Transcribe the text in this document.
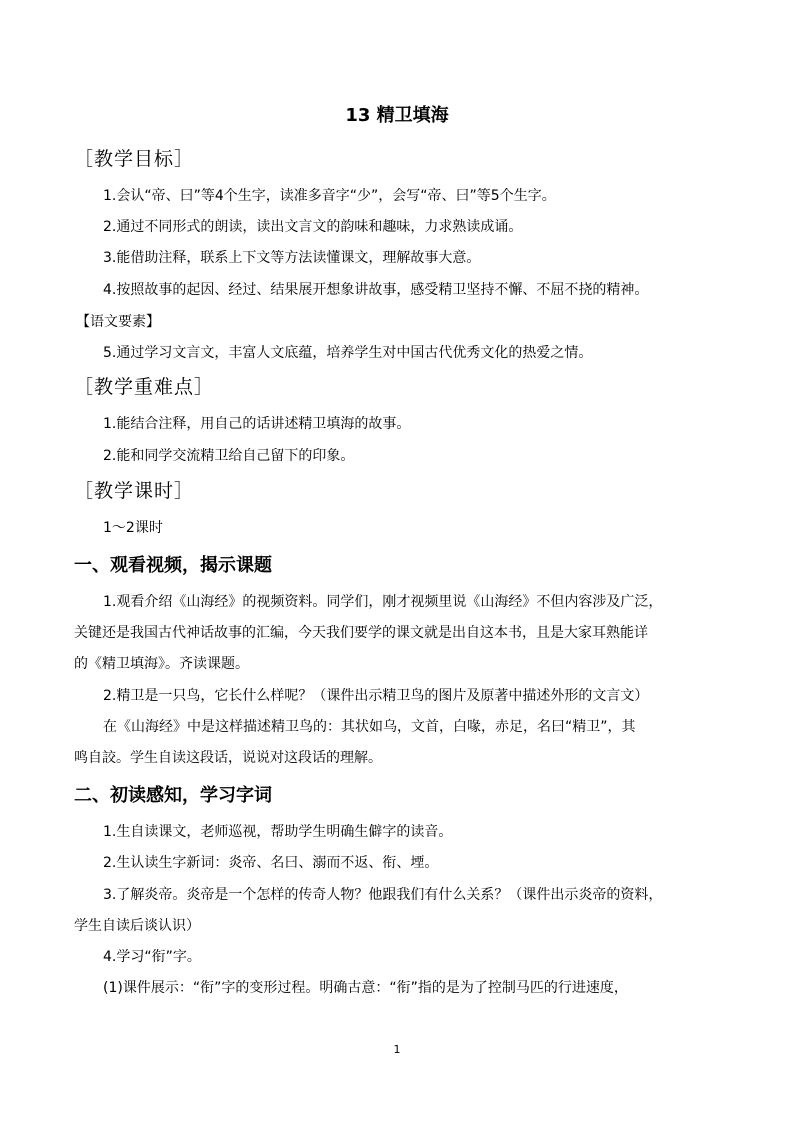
13 精卫填海
［教学目标］
1.会认“帝、曰”等4个生字，读准多音字“少”，会写“帝、曰”等5个生字。
2.通过不同形式的朗读，读出文言文的韵味和趣味，力求熟读成诵。
3.能借助注释，联系上下文等方法读懂课文，理解故事大意。
4.按照故事的起因、经过、结果展开想象讲故事，感受精卫坚持不懈、不屈不挠的精神。
【语文要素】
5.通过学习文言文，丰富人文底蕴，培养学生对中国古代优秀文化的热爱之情。
［教学重难点］
1.能结合注释，用自己的话讲述精卫填海的故事。
2.能和同学交流精卫给自己留下的印象。
［教学课时］
1～2课时
一、观看视频，揭示课题
1.观看介绍《山海经》的视频资料。同学们，刚才视频里说《山海经》不但内容涉及广泛，
关键还是我国古代神话故事的汇编，今天我们要学的课文就是出自这本书，且是大家耳熟能详
的《精卫填海》。齐读课题。
2.精卫是一只鸟，它长什么样呢？（课件出示精卫鸟的图片及原著中描述外形的文言文）
在《山海经》中是这样描述精卫鸟的：其状如乌，文首，白喙，赤足，名曰“精卫”，其
鸣自詨。学生自读这段话，说说对这段话的理解。
二、初读感知，学习字词
1.生自读课文，老师巡视，帮助学生明确生僻字的读音。
2.生认读生字新词：炎帝、名曰、溺而不返、衔、堙。
3.了解炎帝。炎帝是一个怎样的传奇人物？他跟我们有什么关系？（课件出示炎帝的资料，
学生自读后谈认识）
4.学习“衔”字。
(1)课件展示：“衔”字的变形过程。明确古意：“衔”指的是为了控制马匹的行进速度，
1
